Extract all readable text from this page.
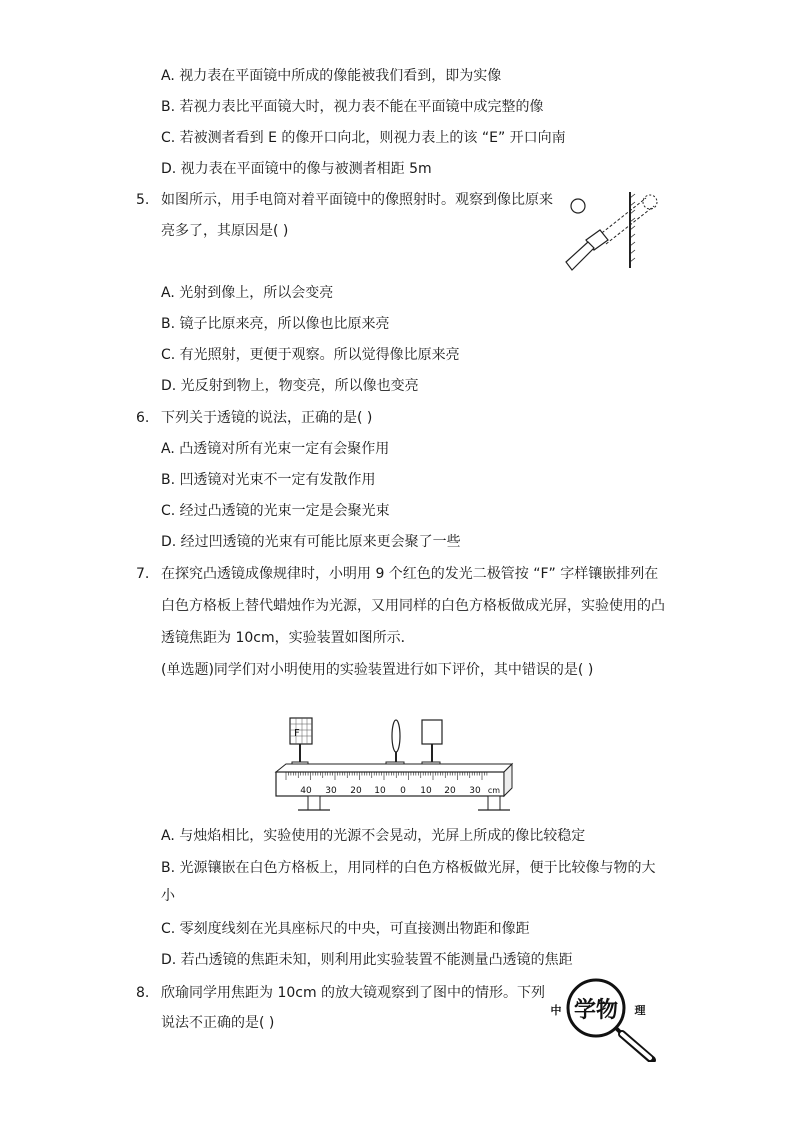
A. 视力表在平面镜中所成的像能被我们看到，即为实像
B. 若视力表比平面镜大时，视力表不能在平面镜中成完整的像
C. 若被测者看到 E 的像开口向北，则视力表上的该 “E” 开口向南
D. 视力表在平面镜中的像与被测者相距 5m
5. 如图所示，用手电筒对着平面镜中的像照射时。观察到像比原来
亮多了，其原因是( )
A. 光射到像上，所以会变亮
B. 镜子比原来亮，所以像也比原来亮
C. 有光照射，更便于观察。所以觉得像比原来亮
D. 光反射到物上，物变亮，所以像也变亮
6. 下列关于透镜的说法，正确的是( )
A. 凸透镜对所有光束一定有会聚作用
B. 凹透镜对光束不一定有发散作用
C. 经过凸透镜的光束一定是会聚光束
D. 经过凹透镜的光束有可能比原来更会聚了一些
7. 在探究凸透镜成像规律时，小明用 9 个红色的发光二极管按 “F” 字样镶嵌排列在
白色方格板上替代蜡烛作为光源，又用同样的白色方格板做成光屏，实验使用的凸
透镜焦距为 10cm，实验装置如图所示．
(单选题)同学们对小明使用的实验装置进行如下评价，其中错误的是( )
F
40 30 20 10 0 10 20 30 cm
A. 与烛焰相比，实验使用的光源不会晃动，光屏上所成的像比较稳定
B. 光源镶嵌在白色方格板上，用同样的白色方格板做光屏，便于比较像与物的大
小
C. 零刻度线刻在光具座标尺的中央，可直接测出物距和像距
D. 若凸透镜的焦距未知，则利用此实验装置不能测量凸透镜的焦距
8. 欣瑜同学用焦距为 10cm 的放大镜观察到了图中的情形。下列
说法不正确的是( )
中 学物 理
